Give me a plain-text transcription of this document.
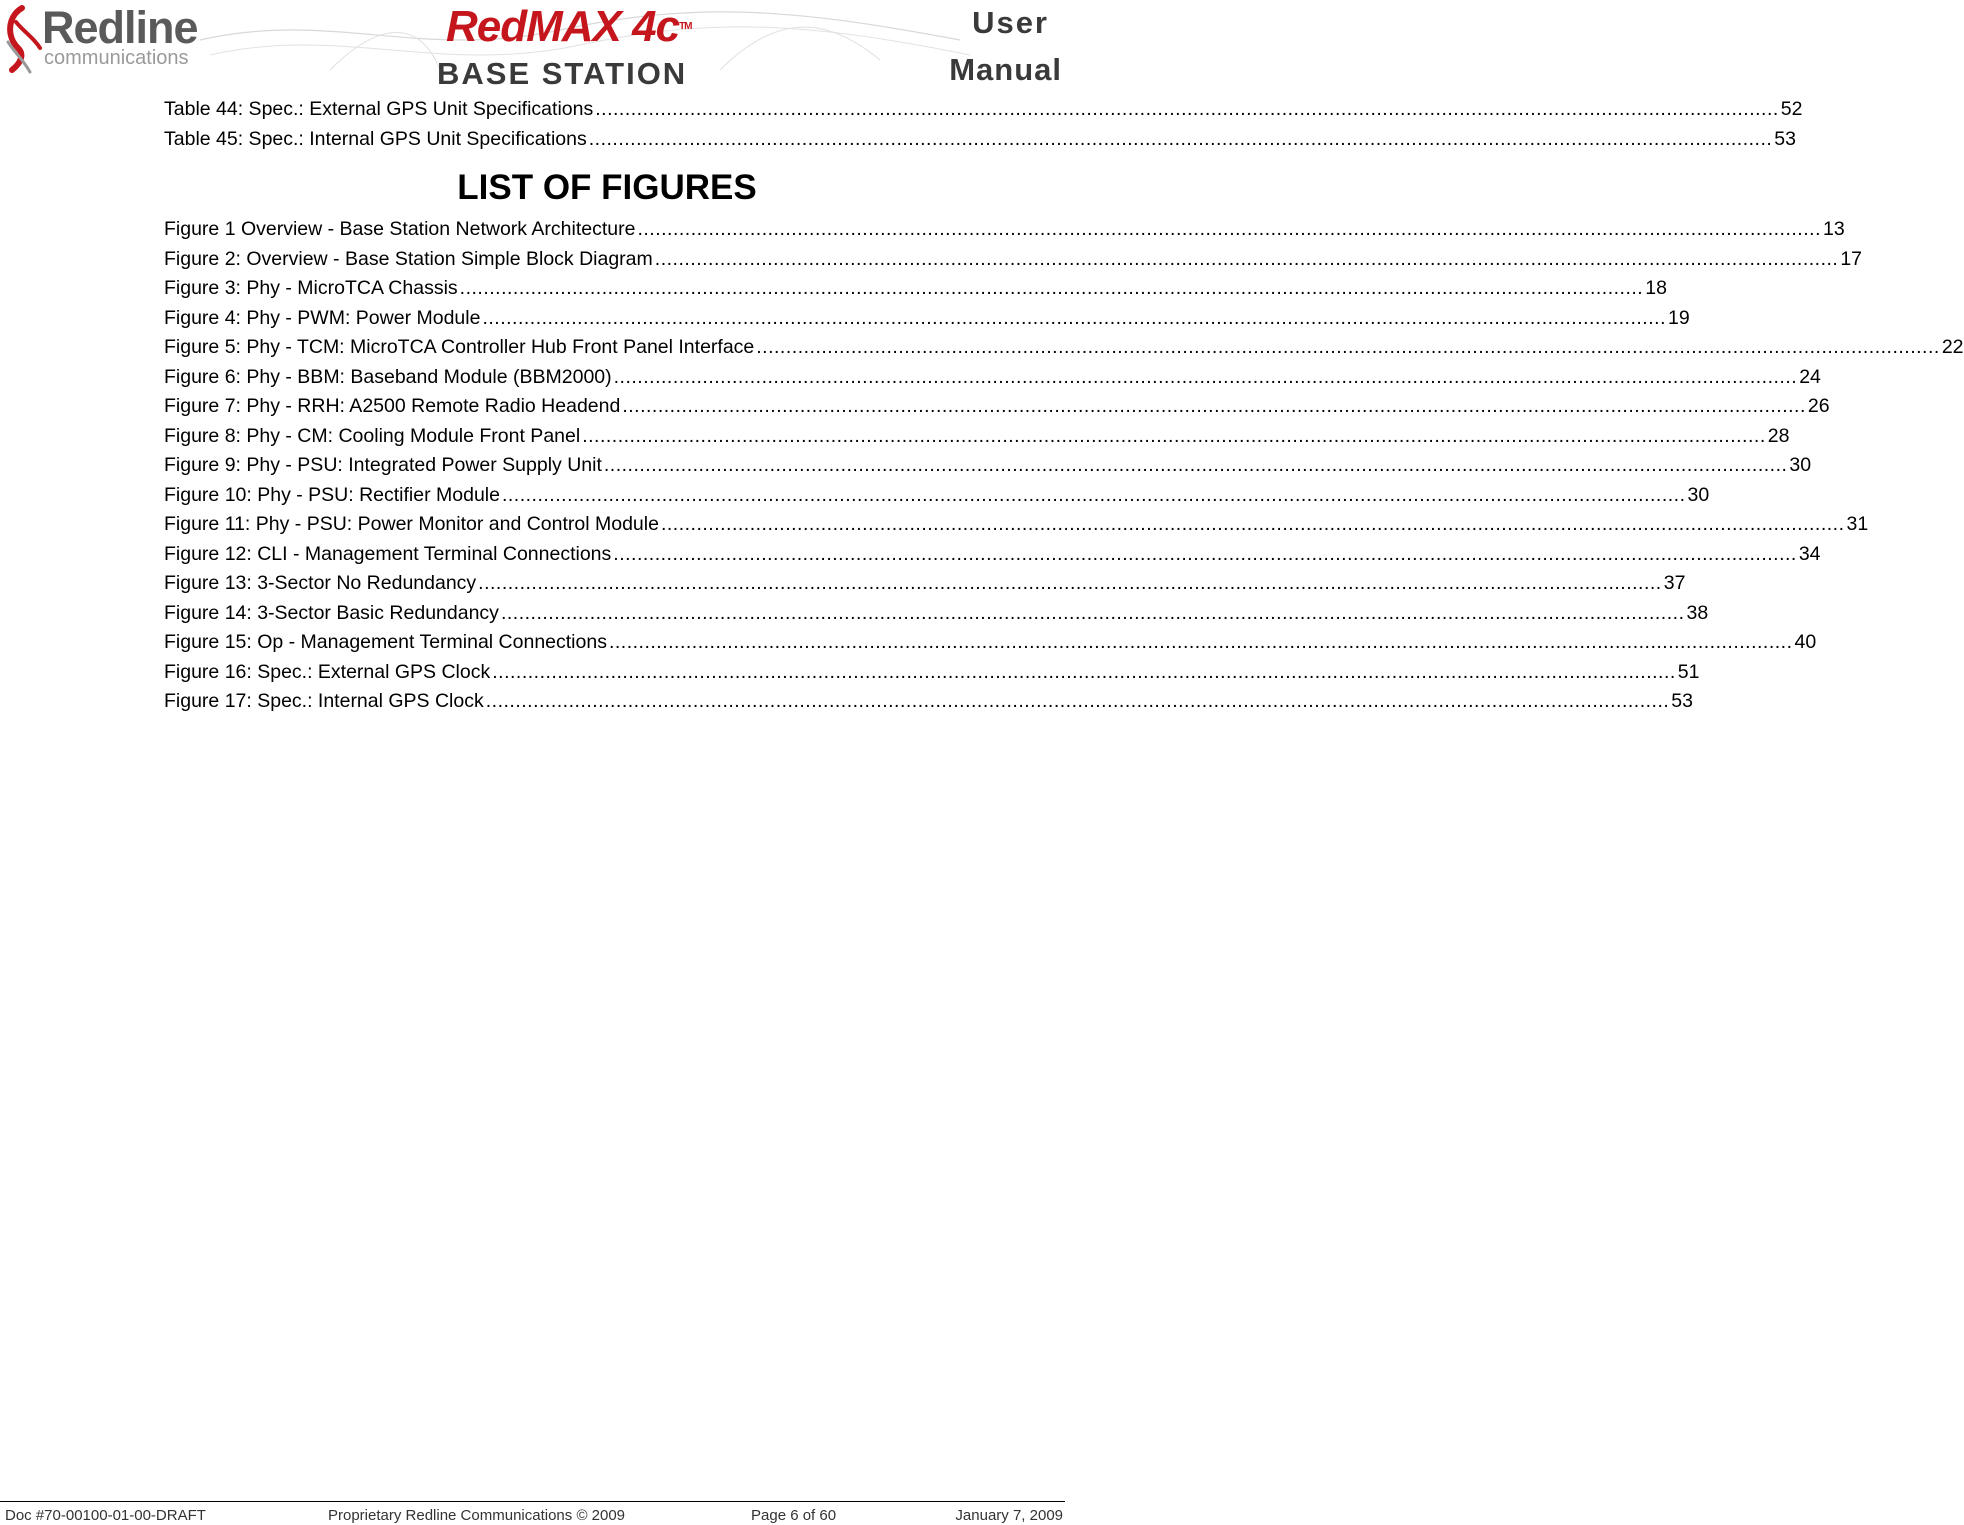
Redline
communications
RedMAX 4c™
BASE STATION
User
Manual
Table 44: Spec.: External GPS Unit Specifications ........................................................................................................................................................................................................ 52
Table 45: Spec.: Internal GPS Unit Specifications ........................................................................................................................................................................................................ 53
LIST OF FIGURES
Figure 1 Overview - Base Station Network Architecture ........................................................................................................................................................................................................ 13
Figure 2: Overview - Base Station Simple Block Diagram ........................................................................................................................................................................................................ 17
Figure 3: Phy - MicroTCA Chassis ........................................................................................................................................................................................................ 18
Figure 4: Phy - PWM: Power Module ........................................................................................................................................................................................................ 19
Figure 5: Phy - TCM: MicroTCA Controller Hub Front Panel Interface ........................................................................................................................................................................................................ 22
Figure 6: Phy - BBM: Baseband Module (BBM2000) ........................................................................................................................................................................................................ 24
Figure 7: Phy - RRH: A2500 Remote Radio Headend ........................................................................................................................................................................................................ 26
Figure 8: Phy - CM: Cooling Module Front Panel ........................................................................................................................................................................................................ 28
Figure 9: Phy - PSU: Integrated Power Supply Unit ........................................................................................................................................................................................................ 30
Figure 10: Phy - PSU: Rectifier Module ........................................................................................................................................................................................................ 30
Figure 11: Phy - PSU: Power Monitor and Control Module ........................................................................................................................................................................................................ 31
Figure 12: CLI - Management Terminal Connections ........................................................................................................................................................................................................ 34
Figure 13: 3-Sector No Redundancy ........................................................................................................................................................................................................ 37
Figure 14: 3-Sector Basic Redundancy ........................................................................................................................................................................................................ 38
Figure 15: Op - Management Terminal Connections ........................................................................................................................................................................................................ 40
Figure 16: Spec.: External GPS Clock ........................................................................................................................................................................................................ 51
Figure 17: Spec.: Internal GPS Clock ........................................................................................................................................................................................................ 53
Doc #70-00100-01-00-DRAFT	Proprietary Redline Communications © 2009	Page 6 of 60	January 7, 2009
